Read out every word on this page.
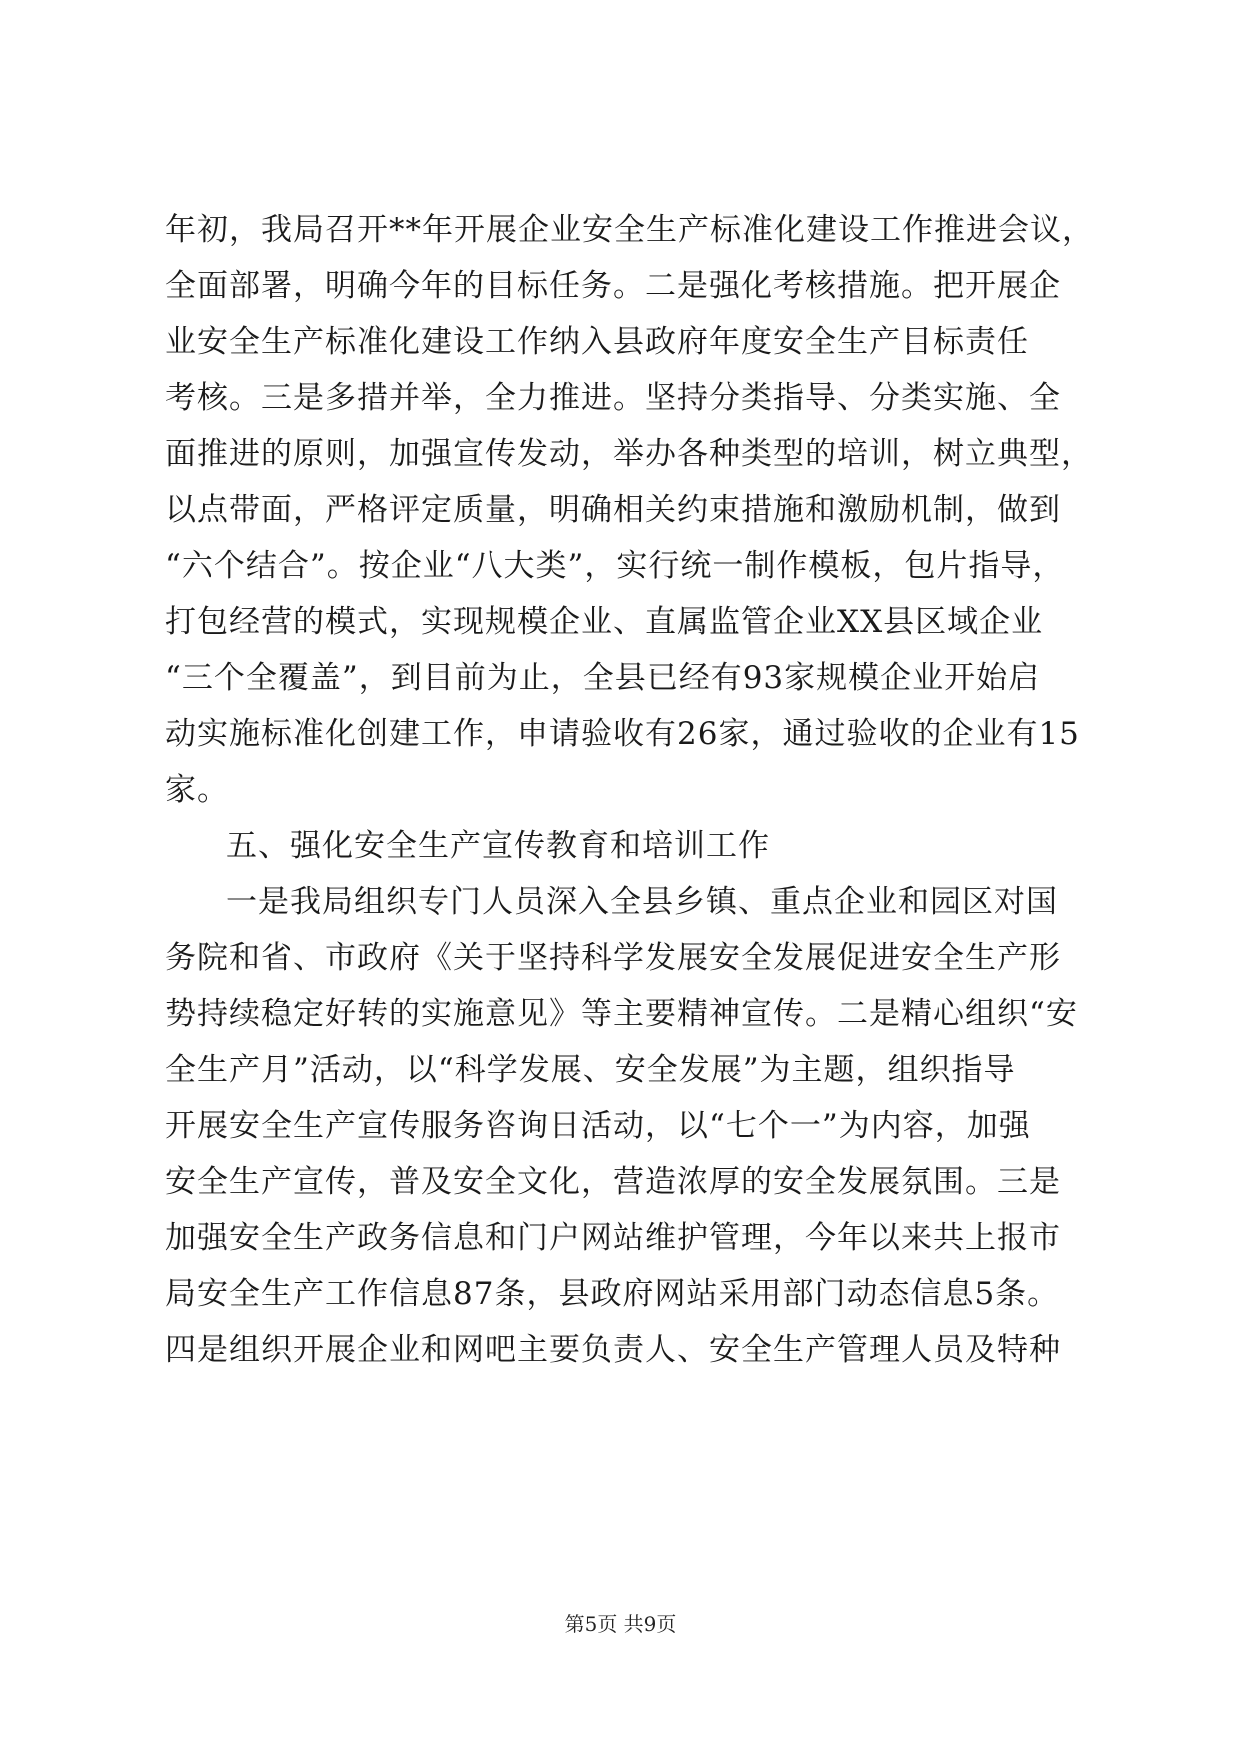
年初，我局召开**年开展企业安全生产标准化建设工作推进会议，
全面部署，明确今年的目标任务。二是强化考核措施。把开展企
业安全生产标准化建设工作纳入县政府年度安全生产目标责任
考核。三是多措并举，全力推进。坚持分类指导、分类实施、全
面推进的原则，加强宣传发动，举办各种类型的培训，树立典型，
以点带面，严格评定质量，明确相关约束措施和激励机制，做到
“六个结合”。按企业“八大类”，实行统一制作模板，包片指导，
打包经营的模式，实现规模企业、直属监管企业XX县区域企业
“三个全覆盖”，到目前为止，全县已经有93家规模企业开始启
动实施标准化创建工作，申请验收有26家，通过验收的企业有15
家。
五、强化安全生产宣传教育和培训工作
一是我局组织专门人员深入全县乡镇、重点企业和园区对国
务院和省、市政府《关于坚持科学发展安全发展促进安全生产形
势持续稳定好转的实施意见》等主要精神宣传。二是精心组织“安
全生产月”活动，以“科学发展、安全发展”为主题，组织指导
开展安全生产宣传服务咨询日活动，以“七个一”为内容，加强
安全生产宣传，普及安全文化，营造浓厚的安全发展氛围。三是
加强安全生产政务信息和门户网站维护管理，今年以来共上报市
局安全生产工作信息87条，县政府网站采用部门动态信息5条。
四是组织开展企业和网吧主要负责人、安全生产管理人员及特种
第5页 共9页
